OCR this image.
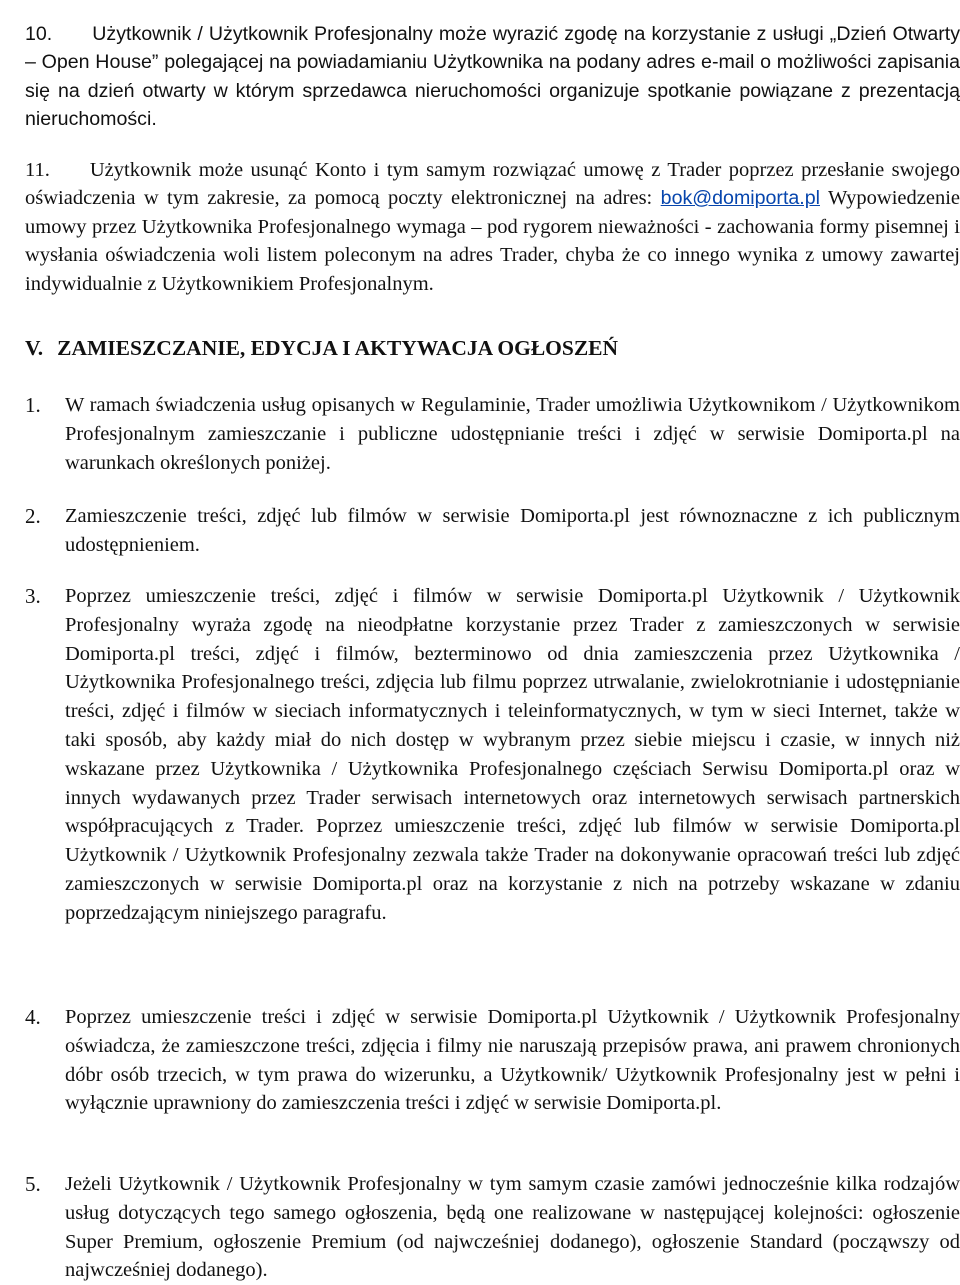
10. Użytkownik / Użytkownik Profesjonalny może wyrazić zgodę na korzystanie z usługi „Dzień Otwarty – Open House” polegającej na powiadamianiu Użytkownika na podany adres e-mail o możliwości zapisania się na dzień otwarty w którym sprzedawca nieruchomości organizuje spotkanie powiązane z prezentacją nieruchomości.

11. Użytkownik może usunąć Konto i tym samym rozwiązać umowę z Trader poprzez przesłanie swojego oświadczenia w tym zakresie, za pomocą poczty elektronicznej na adres: bok@domiporta.pl Wypowiedzenie umowy przez Użytkownika Profesjonalnego wymaga – pod rygorem nieważności - zachowania formy pisemnej i wysłania oświadczenia woli listem poleconym na adres Trader, chyba że co innego wynika z umowy zawartej indywidualnie z Użytkownikiem Profesjonalnym.

V. ZAMIESZCZANIE, EDYCJA I AKTYWACJA OGŁOSZEŃ
1. W ramach świadczenia usług opisanych w Regulaminie, Trader umożliwia Użytkownikom / Użytkownikom Profesjonalnym zamieszczanie i publiczne udostępnianie treści i zdjęć w serwisie Domiporta.pl na warunkach określonych poniżej.
2. Zamieszczenie treści, zdjęć lub filmów w serwisie Domiporta.pl jest równoznaczne z ich publicznym udostępnieniem.
3. Poprzez umieszczenie treści, zdjęć i filmów w serwisie Domiporta.pl Użytkownik / Użytkownik Profesjonalny wyraża zgodę na nieodpłatne korzystanie przez Trader z zamieszczonych w serwisie Domiporta.pl treści, zdjęć i filmów, bezterminowo od dnia zamieszczenia przez Użytkownika / Użytkownika Profesjonalnego treści, zdjęcia lub filmu poprzez utrwalanie, zwielokrotnianie i udostępnianie treści, zdjęć i filmów w sieciach informatycznych i teleinformatycznych, w tym w sieci Internet, także w taki sposób, aby każdy miał do nich dostęp w wybranym przez siebie miejscu i czasie, w innych niż wskazane przez Użytkownika / Użytkownika Profesjonalnego częściach Serwisu Domiporta.pl oraz w innych wydawanych przez Trader serwisach internetowych oraz internetowych serwisach partnerskich współpracujących z Trader. Poprzez umieszczenie treści, zdjęć lub filmów w serwisie Domiporta.pl Użytkownik / Użytkownik Profesjonalny zezwala także Trader na dokonywanie opracowań treści lub zdjęć zamieszczonych w serwisie Domiporta.pl oraz na korzystanie z nich na potrzeby wskazane w zdaniu poprzedzającym niniejszego paragrafu.
4. Poprzez umieszczenie treści i zdjęć w serwisie Domiporta.pl Użytkownik / Użytkownik Profesjonalny oświadcza, że zamieszczone treści, zdjęcia i filmy nie naruszają przepisów prawa, ani prawem chronionych dóbr osób trzecich, w tym prawa do wizerunku, a Użytkownik/ Użytkownik Profesjonalny jest w pełni i wyłącznie uprawniony do zamieszczenia treści i zdjęć w serwisie Domiporta.pl.
5. Jeżeli Użytkownik / Użytkownik Profesjonalny w tym samym czasie zamówi jednocześnie kilka rodzajów usług dotyczących tego samego ogłoszenia, będą one realizowane w następującej kolejności: ogłoszenie Super Premium, ogłoszenie Premium (od najwcześniej dodanego), ogłoszenie Standard (począwszy od najwcześniej dodanego).
